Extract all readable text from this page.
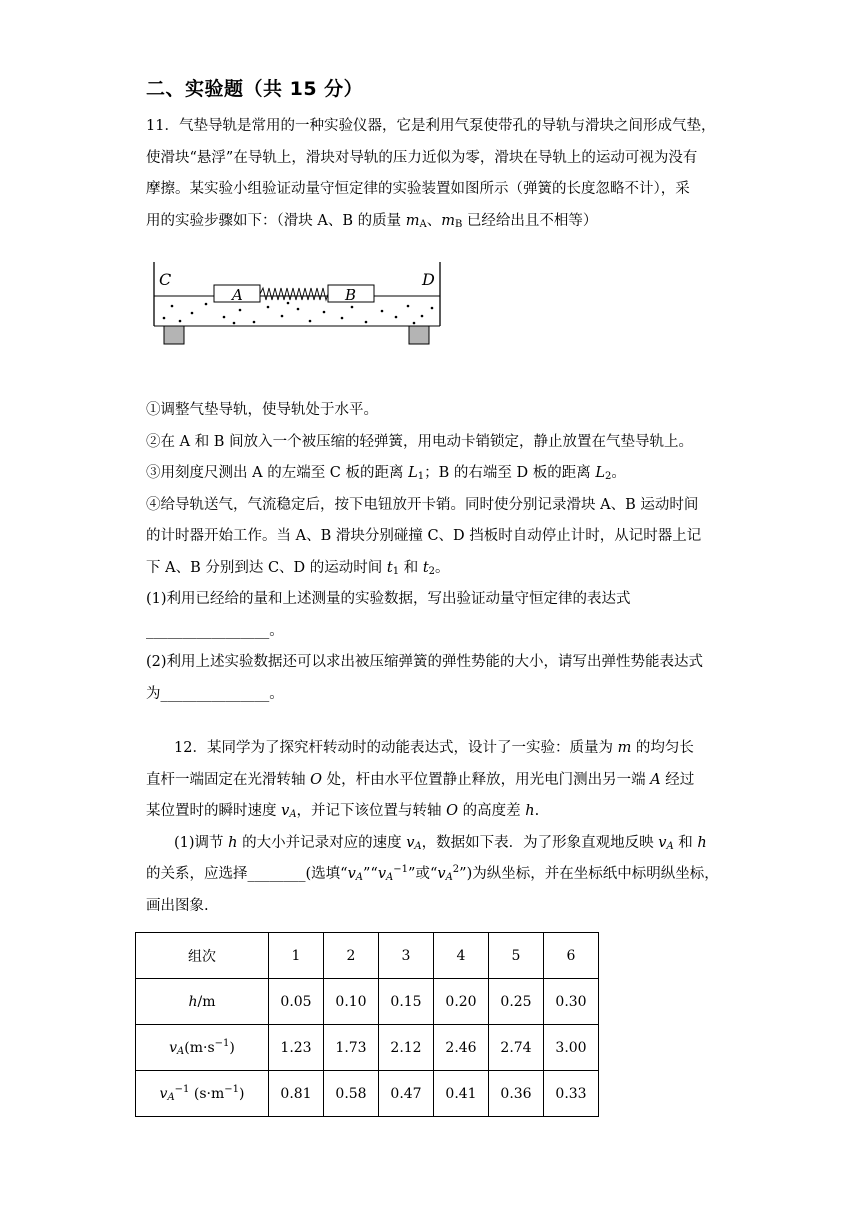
二、实验题（共 15 分）
11．气垫导轨是常用的一种实验仪器，它是利用气泵使带孔的导轨与滑块之间形成气垫，
使滑块“悬浮”在导轨上，滑块对导轨的压力近似为零，滑块在导轨上的运动可视为没有
摩擦。某实验小组验证动量守恒定律的实验装置如图所示（弹簧的长度忽略不计），采
用的实验步骤如下：（滑块 A、B 的质量 $m_A$、$m_B$ 已经给出且不相等）
C	D
A	B
①调整气垫导轨，使导轨处于水平。
②在 A 和 B 间放入一个被压缩的轻弹簧，用电动卡销锁定，静止放置在气垫导轨上。
③用刻度尺测出 A 的左端至 C 板的距离 $L_1$；B 的右端至 D 板的距离 $L_2$。
④给导轨送气，气流稳定后，按下电钮放开卡销。同时使分别记录滑块 A、B 运动时间
的计时器开始工作。当 A、B 滑块分别碰撞 C、D 挡板时自动停止计时，从记时器上记
下 A、B 分别到达 C、D 的运动时间 $t_1$ 和 $t_2$。
(1)利用已经给的量和上述测量的实验数据，写出验证动量守恒定律的表达式
_________________。
(2)利用上述实验数据还可以求出被压缩弹簧的弹性势能的大小，请写出弹性势能表达式
为_______________。
12．某同学为了探究杆转动时的动能表达式，设计了一实验：质量为 m 的均匀长
直杆一端固定在光滑转轴 O 处，杆由水平位置静止释放，用光电门测出另一端 A 经过
某位置时的瞬时速度 $v_A$，并记下该位置与转轴 O 的高度差 h.
(1)调节 h 的大小并记录对应的速度 $v_A$，数据如下表．为了形象直观地反映 $v_A$ 和 h
的关系，应选择________(选填“$v_A”“v_A^{-1}$”或“$v_A^2$”)为纵坐标，并在坐标纸中标明纵坐标，
画出图象.
组次	1	2	3	4	5	6
h/m	0.05	0.10	0.15	0.20	0.25	0.30
$v_A(m\cdot s^{-1})$	1.23	1.73	2.12	2.46	2.74	3.00
$v_A^{-1}$ $(s\cdot m^{-1})$	0.81	0.58	0.47	0.41	0.36	0.33
